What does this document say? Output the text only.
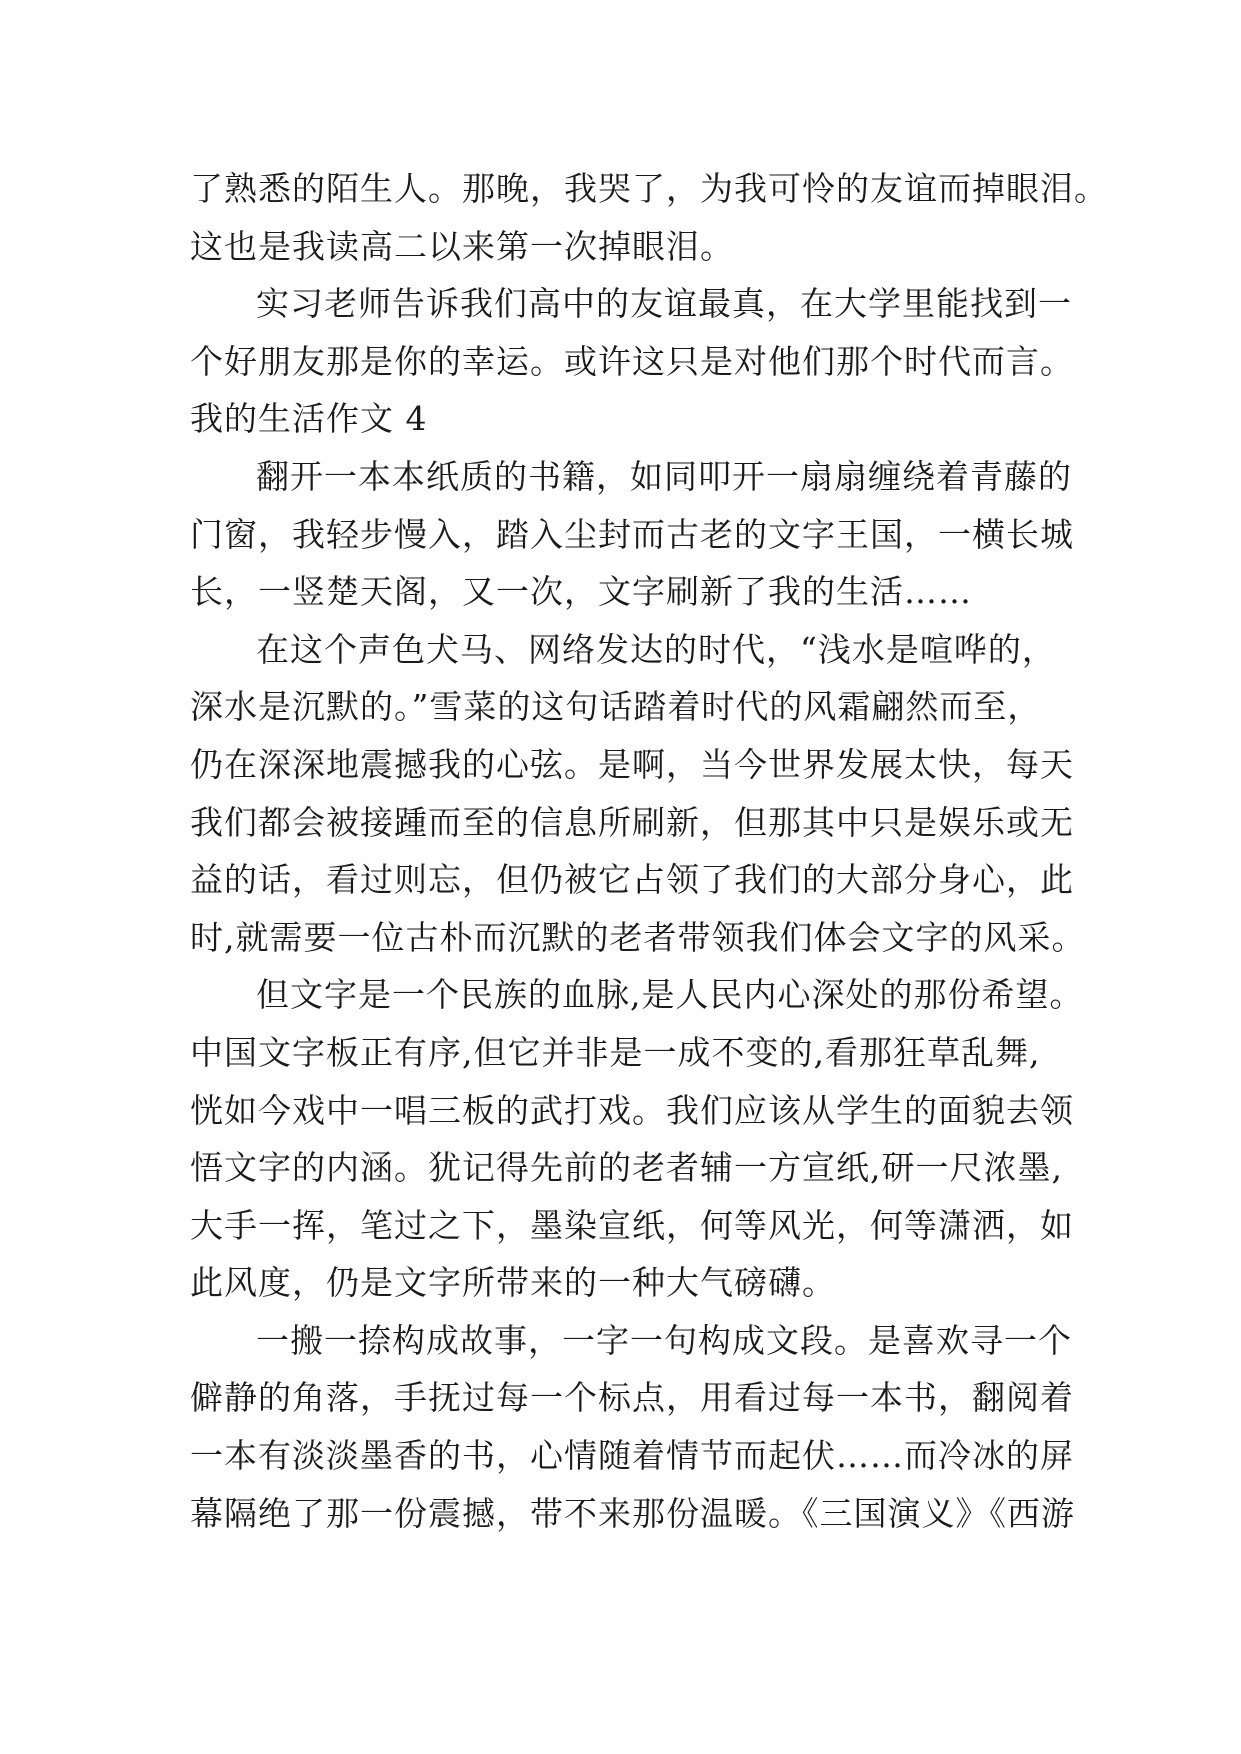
了熟悉的陌生人。那晚，我哭了，为我可怜的友谊而掉眼泪。
这也是我读高二以来第一次掉眼泪。
实习老师告诉我们高中的友谊最真，在大学里能找到一
个好朋友那是你的幸运。或许这只是对他们那个时代而言。
我的生活作文 4
翻开一本本纸质的书籍，如同叩开一扇扇缠绕着青藤的
门窗，我轻步慢入，踏入尘封而古老的文字王国，一横长城
长，一竖楚天阁，又一次，文字刷新了我的生活……
在这个声色犬马、网络发达的时代，“浅水是喧哗的，
深水是沉默的。”雪菜的这句话踏着时代的风霜翩然而至，
仍在深深地震撼我的心弦。是啊，当今世界发展太快，每天
我们都会被接踵而至的信息所刷新，但那其中只是娱乐或无
益的话，看过则忘，但仍被它占领了我们的大部分身心，此
时,就需要一位古朴而沉默的老者带领我们体会文字的风采。
但文字是一个民族的血脉,是人民内心深处的那份希望。
中国文字板正有序,但它并非是一成不变的,看那狂草乱舞,
恍如今戏中一唱三板的武打戏。我们应该从学生的面貌去领
悟文字的内涵。犹记得先前的老者辅一方宣纸,研一尺浓墨,
大手一挥，笔过之下，墨染宣纸，何等风光，何等潇洒，如
此风度，仍是文字所带来的一种大气磅礴。
一搬一捺构成故事，一字一句构成文段。是喜欢寻一个
僻静的角落，手抚过每一个标点，用看过每一本书，翻阅着
一本有淡淡墨香的书，心情随着情节而起伏……而冷冰的屏
幕隔绝了那一份震撼，带不来那份温暖。《三国演义》《西游
